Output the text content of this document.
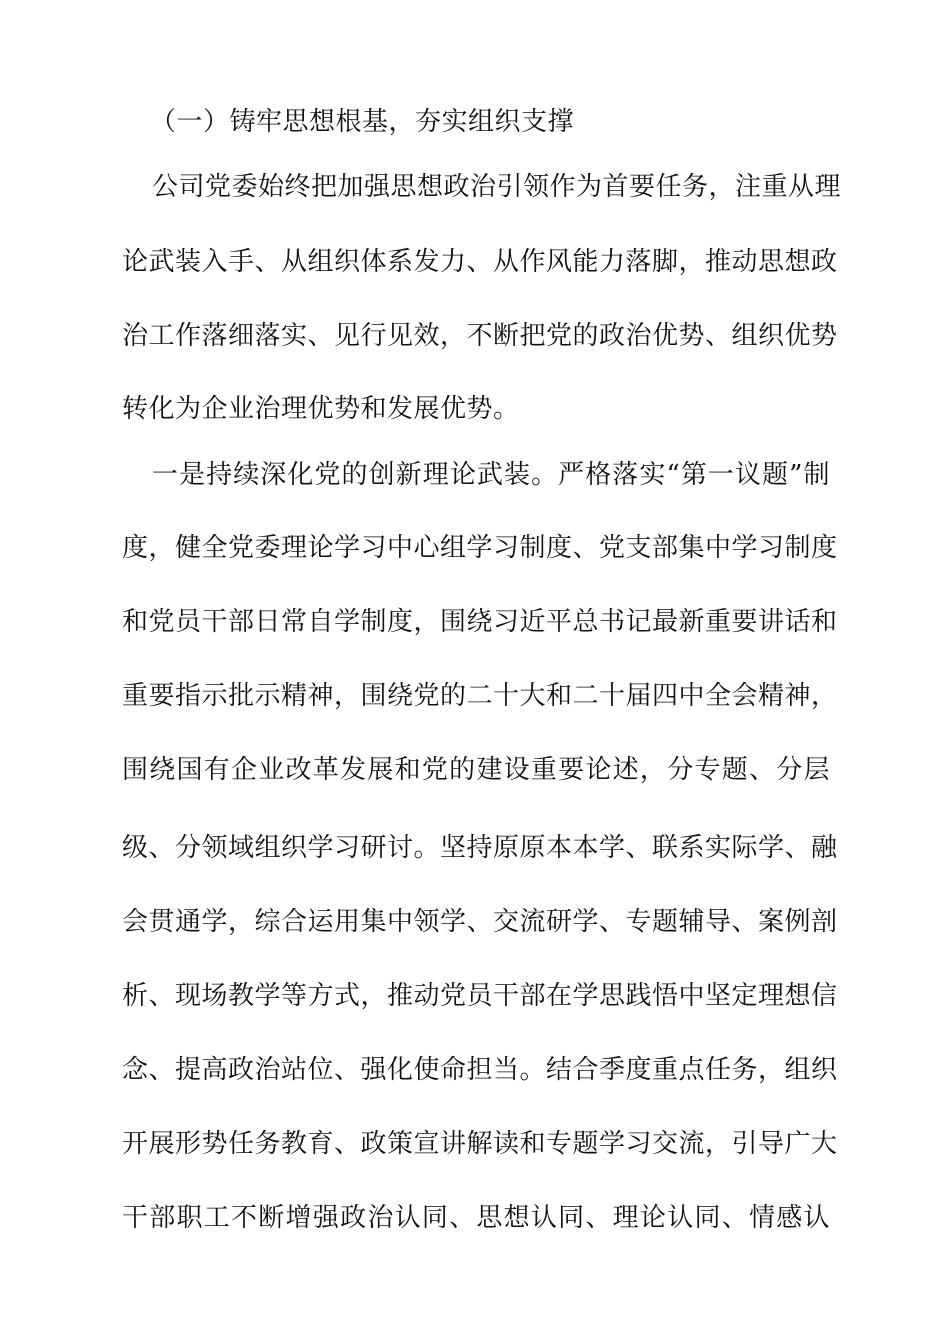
（一）铸牢思想根基，夯实组织支撑
公司党委始终把加强思想政治引领作为首要任务，注重从理
论武装入手、从组织体系发力、从作风能力落脚，推动思想政
治工作落细落实、见行见效，不断把党的政治优势、组织优势
转化为企业治理优势和发展优势。
一是持续深化党的创新理论武装。严格落实“第一议题”制
度，健全党委理论学习中心组学习制度、党支部集中学习制度
和党员干部日常自学制度，围绕习近平总书记最新重要讲话和
重要指示批示精神，围绕党的二十大和二十届四中全会精神，
围绕国有企业改革发展和党的建设重要论述，分专题、分层
级、分领域组织学习研讨。坚持原原本本学、联系实际学、融
会贯通学，综合运用集中领学、交流研学、专题辅导、案例剖
析、现场教学等方式，推动党员干部在学思践悟中坚定理想信
念、提高政治站位、强化使命担当。结合季度重点任务，组织
开展形势任务教育、政策宣讲解读和专题学习交流，引导广大
干部职工不断增强政治认同、思想认同、理论认同、情感认
